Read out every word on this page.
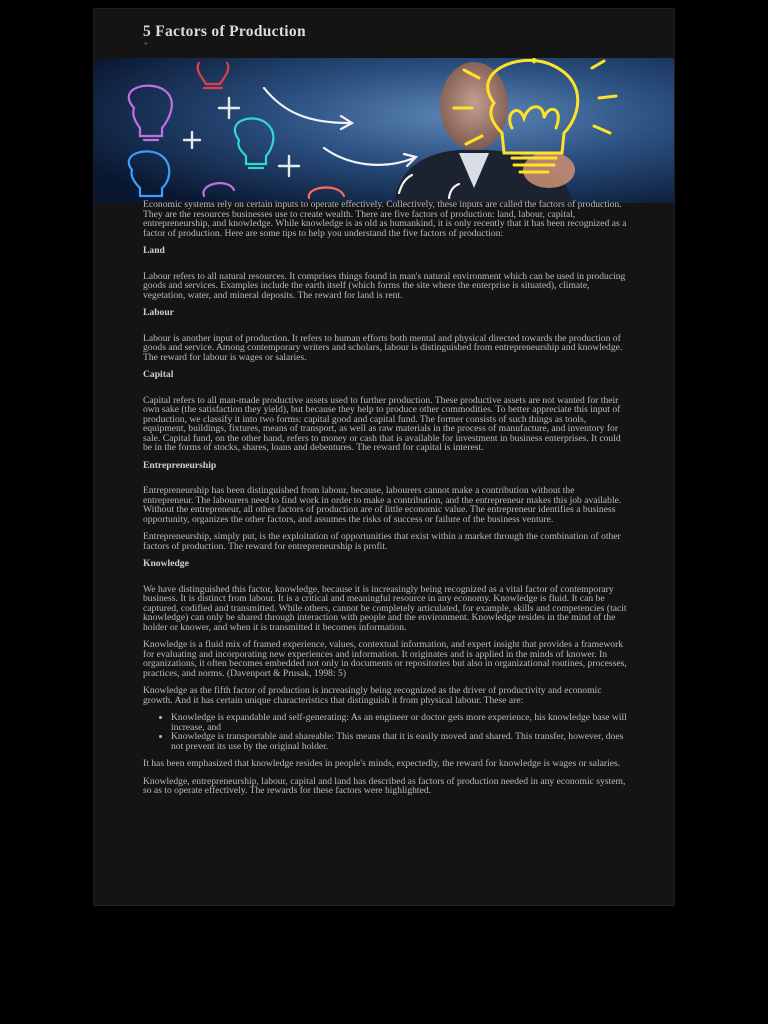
5 Factors of Production
"

Economic systems rely on certain inputs to operate effectively. Collectively, these inputs are called the factors of production. They are the resources businesses use to create wealth. There are five factors of production: land, labour, capital, entrepreneurship, and knowledge. While knowledge is as old as humankind, it is only recently that it has been recognized as a factor of production. Here are some tips to help you understand the five factors of production:

Land

Labour refers to all natural resources. It comprises things found in man's natural environment which can be used in producing goods and services. Examples include the earth itself (which forms the site where the enterprise is situated), climate, vegetation, water, and mineral deposits. The reward for land is rent.

Labour

Labour is another input of production. It refers to human efforts both mental and physical directed towards the production of goods and service. Among contemporary writers and scholars, labour is distinguished from entrepreneurship and knowledge. The reward for labour is wages or salaries.

Capital

Capital refers to all man-made productive assets used to further production. These productive assets are not wanted for their own sake (the satisfaction they yield), but because they help to produce other commodities. To better appreciate this input of production, we classify it into two forms: capital good and capital fund. The former consists of such things as tools, equipment, buildings, fixtures, means of transport, as well as raw materials in the process of manufacture, and inventory for sale. Capital fund, on the other hand, refers to money or cash that is available for investment in business enterprises. It could be in the forms of stocks, shares, loans and debentures. The reward for capital is interest.

Entrepreneurship

Entrepreneurship has been distinguished from labour, because, labourers cannot make a contribution without the entrepreneur. The labourers need to find work in order to make a contribution, and the entrepreneur makes this job available. Without the entrepreneur, all other factors of production are of little economic value. The entrepreneur identifies a business opportunity, organizes the other factors, and assumes the risks of success or failure of the business venture.

Entrepreneurship, simply put, is the exploitation of opportunities that exist within a market through the combination of other factors of production. The reward for entrepreneurship is profit.

Knowledge

We have distinguished this factor, knowledge, because it is increasingly being recognized as a vital factor of contemporary business. It is distinct from labour. It is a critical and meaningful resource in any economy. Knowledge is fluid. It can be captured, codified and transmitted. While others, cannot be completely articulated, for example, skills and competencies (tacit knowledge) can only be shared through interaction with people and the environment. Knowledge resides in the mind of the holder or knower, and when it is transmitted it becomes information.

Knowledge is a fluid mix of framed experience, values, contextual information, and expert insight that provides a framework for evaluating and incorporating new experiences and information. It originates and is applied in the minds of knower. In organizations, it often becomes embedded not only in documents or repositories but also in organizational routines, processes, practices, and norms. (Davenport & Prusak, 1998: 5)

Knowledge as the fifth factor of production is increasingly being recognized as the driver of productivity and economic growth. And it has certain unique characteristics that distinguish it from physical labour. These are:

• Knowledge is expandable and self-generating: As an engineer or doctor gets more experience, his knowledge base will increase, and
• Knowledge is transportable and shareable: This means that it is easily moved and shared. This transfer, however, does not prevent its use by the original holder.

It has been emphasized that knowledge resides in people's minds, expectedly, the reward for knowledge is wages or salaries.

Knowledge, entrepreneurship, labour, capital and land has described as factors of production needed in any economic system, so as to operate effectively. The rewards for these factors were highlighted.
